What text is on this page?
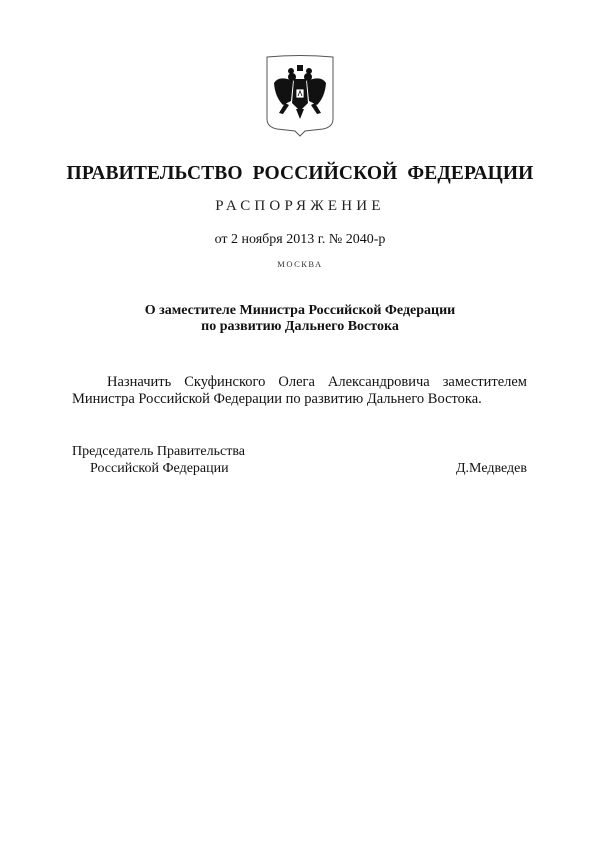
ПРАВИТЕЛЬСТВО РОССИЙСКОЙ ФЕДЕРАЦИИ
РАСПОРЯЖЕНИЕ
от 2 ноября 2013 г. № 2040-р
МОСКВА
О заместителе Министра Российской Федерации
по развитию Дальнего Востока
Назначить Скуфинского Олега Александровича заместителем
Министра Российской Федерации по развитию Дальнего Востока.
Председатель Правительства
Российской Федерации	Д.Медведев
